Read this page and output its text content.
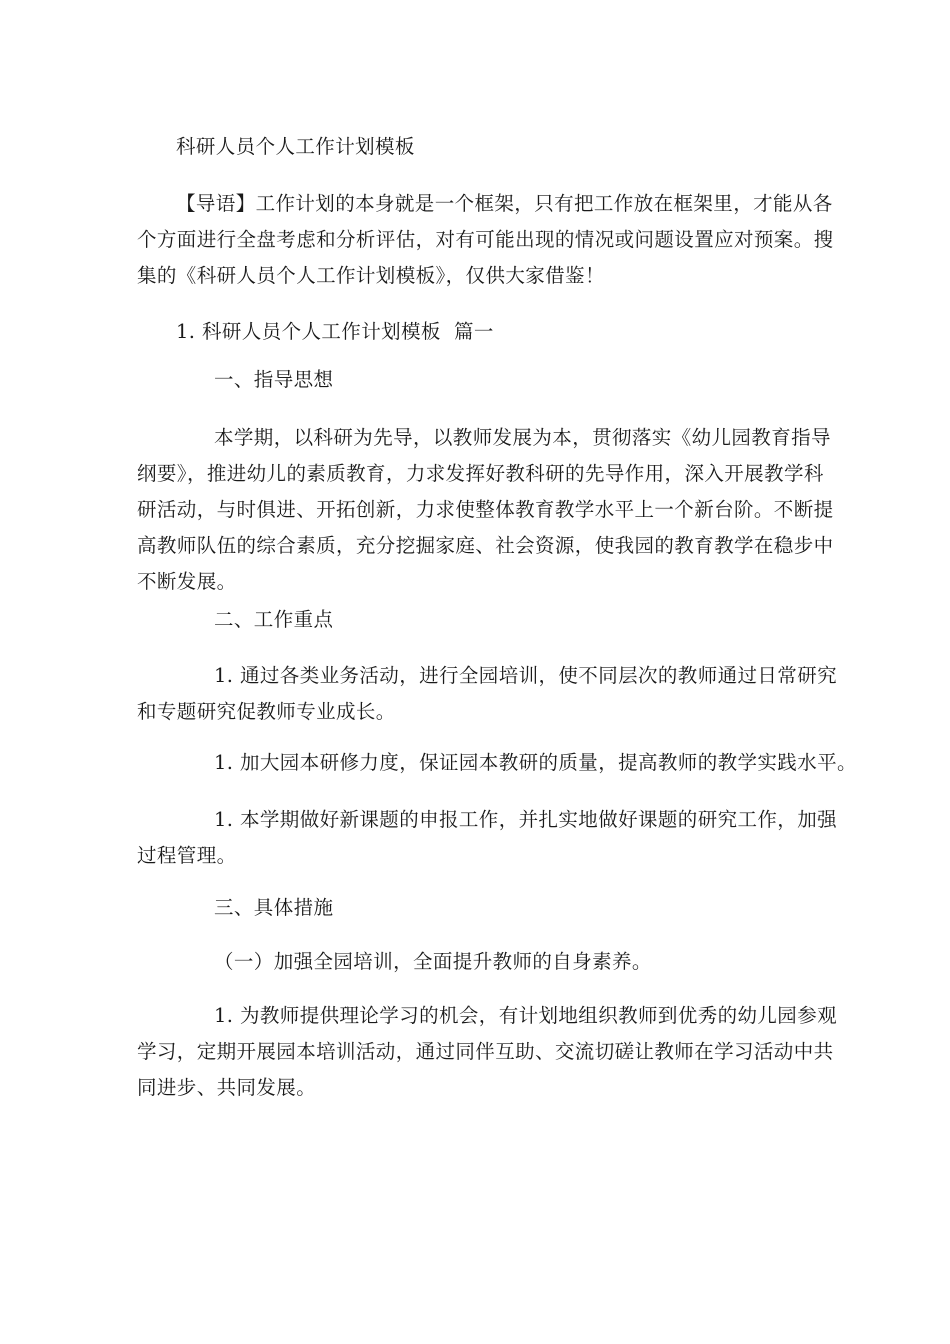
科研人员个人工作计划模板
【导语】工作计划的本身就是一个框架，只有把工作放在框架里，才能从各
个方面进行全盘考虑和分析评估，对有可能出现的情况或问题设置应对预案。搜
集的《科研人员个人工作计划模板》，仅供大家借鉴！
1. 科研人员个人工作计划模板  篇一
一、指导思想
本学期，以科研为先导，以教师发展为本，贯彻落实《幼儿园教育指导
纲要》，推进幼儿的素质教育，力求发挥好教科研的先导作用，深入开展教学科
研活动，与时俱进、开拓创新，力求使整体教育教学水平上一个新台阶。不断提
高教师队伍的综合素质，充分挖掘家庭、社会资源，使我园的教育教学在稳步中
不断发展。
二、工作重点
1. 通过各类业务活动，进行全园培训，使不同层次的教师通过日常研究
和专题研究促教师专业成长。
1. 加大园本研修力度，保证园本教研的质量，提高教师的教学实践水平。
1. 本学期做好新课题的申报工作，并扎实地做好课题的研究工作，加强
过程管理。
三、具体措施
（一）加强全园培训，全面提升教师的自身素养。
1. 为教师提供理论学习的机会，有计划地组织教师到优秀的幼儿园参观
学习，定期开展园本培训活动，通过同伴互助、交流切磋让教师在学习活动中共
同进步、共同发展。
